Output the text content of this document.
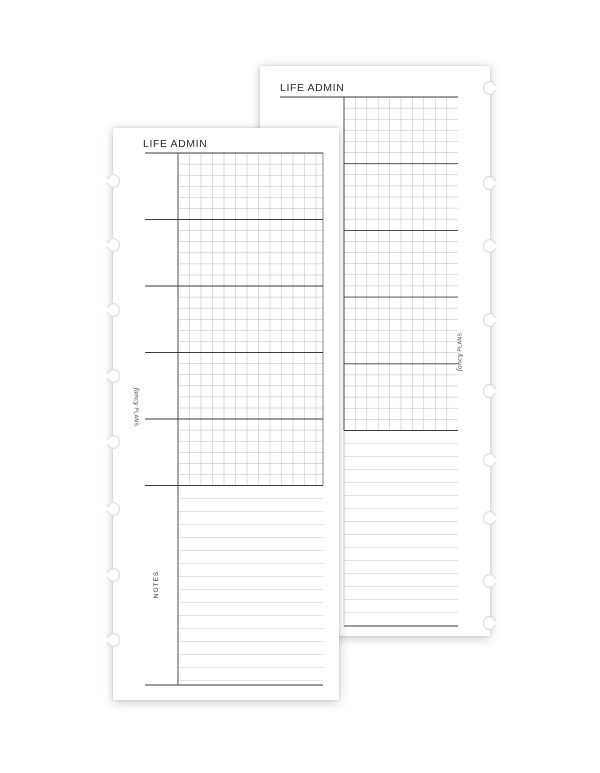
LIFE ADMIN
fancy PLANS
LIFE ADMIN
NOTES
fancy PLANS
